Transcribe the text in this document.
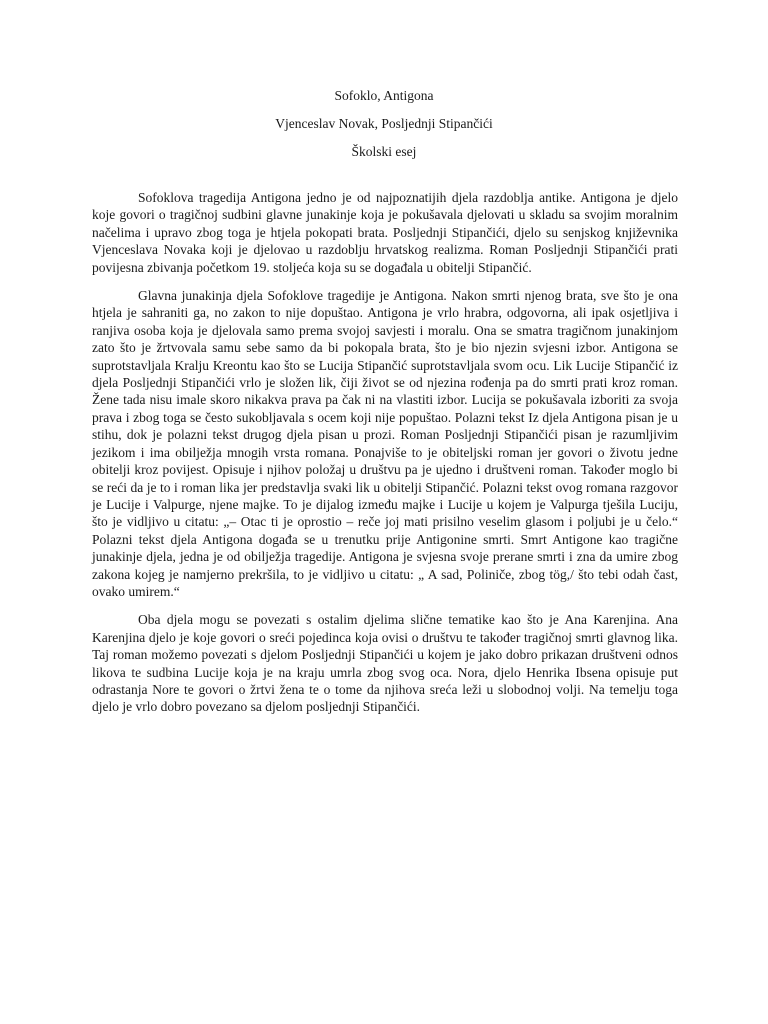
Sofoklo, Antigona
Vjenceslav Novak, Posljednji Stipančići
Školski esej

Sofoklova tragedija Antigona jedno je od najpoznatijih djela razdoblja antike. Antigona je djelo koje govori o tragičnoj sudbini glavne junakinje koja je pokušavala djelovati u skladu sa svojim moralnim načelima i upravo zbog toga je htjela pokopati brata. Posljednji Stipančići, djelo su senjskog književnika Vjenceslava Novaka koji je djelovao u razdoblju hrvatskog realizma. Roman Posljednji Stipančići prati povijesna zbivanja početkom 19. stoljeća koja su se događala u obitelji Stipančić.

Glavna junakinja djela Sofoklove tragedije je Antigona. Nakon smrti njenog brata, sve što je ona htjela je sahraniti ga, no zakon to nije dopuštao. Antigona je vrlo hrabra, odgovorna, ali ipak osjetljiva i ranjiva osoba koja je djelovala samo prema svojoj savjesti i moralu. Ona se smatra tragičnom junakinjom zato što je žrtvovala samu sebe samo da bi pokopala brata, što je bio njezin svjesni izbor. Antigona se suprotstavljala Kralju Kreontu kao što se Lucija Stipančić suprotstavljala svom ocu. Lik Lucije Stipančić iz djela Posljednji Stipančići vrlo je složen lik, čiji život se od njezina rođenja pa do smrti prati kroz roman. Žene tada nisu imale skoro nikakva prava pa čak ni na vlastiti izbor. Lucija se pokušavala izboriti za svoja prava i zbog toga se često sukobljavala s ocem koji nije popuštao. Polazni tekst Iz djela Antigona pisan je u stihu, dok je polazni tekst drugog djela pisan u prozi. Roman Posljednji Stipančići pisan je razumljivim jezikom i ima obilježja mnogih vrsta romana. Ponajviše to je obiteljski roman jer govori o životu jedne obitelji kroz povijest. Opisuje i njihov položaj u društvu pa je ujedno i društveni roman. Također moglo bi se reći da je to i roman lika jer predstavlja svaki lik u obitelji Stipančić. Polazni tekst ovog romana razgovor je Lucije i Valpurge, njene majke. To je dijalog između majke i Lucije u kojem je Valpurga tješila Luciju, što je vidljivo u citatu: „– Otac ti je oprostio – reče joj mati prisilno veselim glasom i poljubi je u čelo.“ Polazni tekst djela Antigona događa se u trenutku prije Antigonine smrti. Smrt Antigone kao tragične junakinje djela, jedna je od obilježja tragedije. Antigona je svjesna svoje prerane smrti i zna da umire zbog zakona kojeg je namjerno prekršila, to je vidljivo u citatu: „ A sad, Poliniče, zbog tög,/ što tebi odah čast, ovako umirem.“

Oba djela mogu se povezati s ostalim djelima slične tematike kao što je Ana Karenjina. Ana Karenjina djelo je koje govori o sreći pojedinca koja ovisi o društvu te također tragičnoj smrti glavnog lika. Taj roman možemo povezati s djelom Posljednji Stipančići u kojem je jako dobro prikazan društveni odnos likova te sudbina Lucije koja je na kraju umrla zbog svog oca. Nora, djelo Henrika Ibsena opisuje put odrastanja Nore te govori o žrtvi žena te o tome da njihova sreća leži u slobodnoj volji. Na temelju toga djelo je vrlo dobro povezano sa djelom posljednji Stipančići.
